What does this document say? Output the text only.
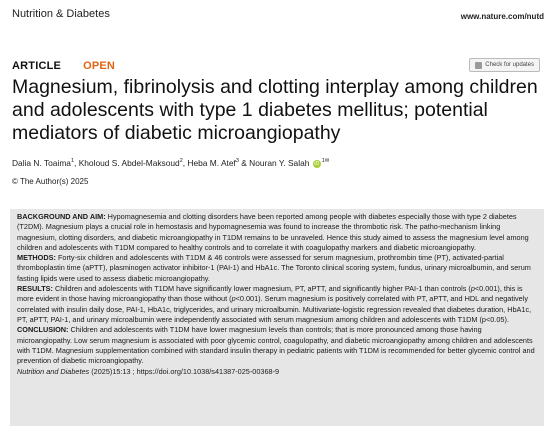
Nutrition & Diabetes	www.nature.com/nutd
ARTICLE OPEN	Check for updates
Magnesium, fibrinolysis and clotting interplay among children and adolescents with type 1 diabetes mellitus; potential mediators of diabetic microangiopathy
Dalia N. Toaima$^1$, Kholoud S. Abdel-Maksoud$^2$, Heba M. Atef$^3$ & Nouran Y. Salah iD $^{1✉}$
© The Author(s) 2025

BACKGROUND AND AIM: Hypomagnesemia and clotting disorders have been reported among people with diabetes especially those with type 2 diabetes (T2DM). Magnesium plays a crucial role in hemostasis and hypomagnesemia was found to increase the thrombotic risk. The patho-mechanism linking magnesium, clotting disorders, and diabetic microangiopathy in T1DM remains to be unraveled. Hence this study aimed to assess the magnesium level among children and adolescents with T1DM compared to healthy controls and to correlate it with coagulopathy markers and diabetic microangiopathy.

METHODS: Forty-six children and adolescents with T1DM & 46 controls were assessed for serum magnesium, prothrombin time (PT), activated-partial thromboplastin time (aPTT), plasminogen activator inhibitor-1 (PAI-1) and HbA1c. The Toronto clinical scoring system, fundus, urinary microalbumin, and serum fasting lipids were used to assess diabetic microangiopathy.

RESULTS: Children and adolescents with T1DM have significantly lower magnesium, PT, aPTT, and significantly higher PAI-1 than controls (p<0.001), this is more evident in those having microangiopathy than those without (p<0.001). Serum magnesium is positively correlated with PT, aPTT, and HDL and negatively correlated with insulin daily dose, PAI-1, HbA1c, triglycerides, and urinary microalbumin. Multivariate-logistic regression revealed that diabetes duration, HbA1c, PT, aPTT, PAI-1, and urinary microalbumin were independently associated with serum magnesium among children and adolescents with T1DM (p<0.05).

CONCLUSION: Children and adolescents with T1DM have lower magnesium levels than controls; that is more pronounced among those having microangiopathy. Low serum magnesium is associated with poor glycemic control, coagulopathy, and diabetic microangiopathy among children and adolescents with T1DM. Magnesium supplementation combined with standard insulin therapy in pediatric patients with T1DM is recommended for better glycemic control and prevention of diabetic microangiopathy.

Nutrition and Diabetes (2025)15:13 ; https://doi.org/10.1038/s41387-025-00368-9
